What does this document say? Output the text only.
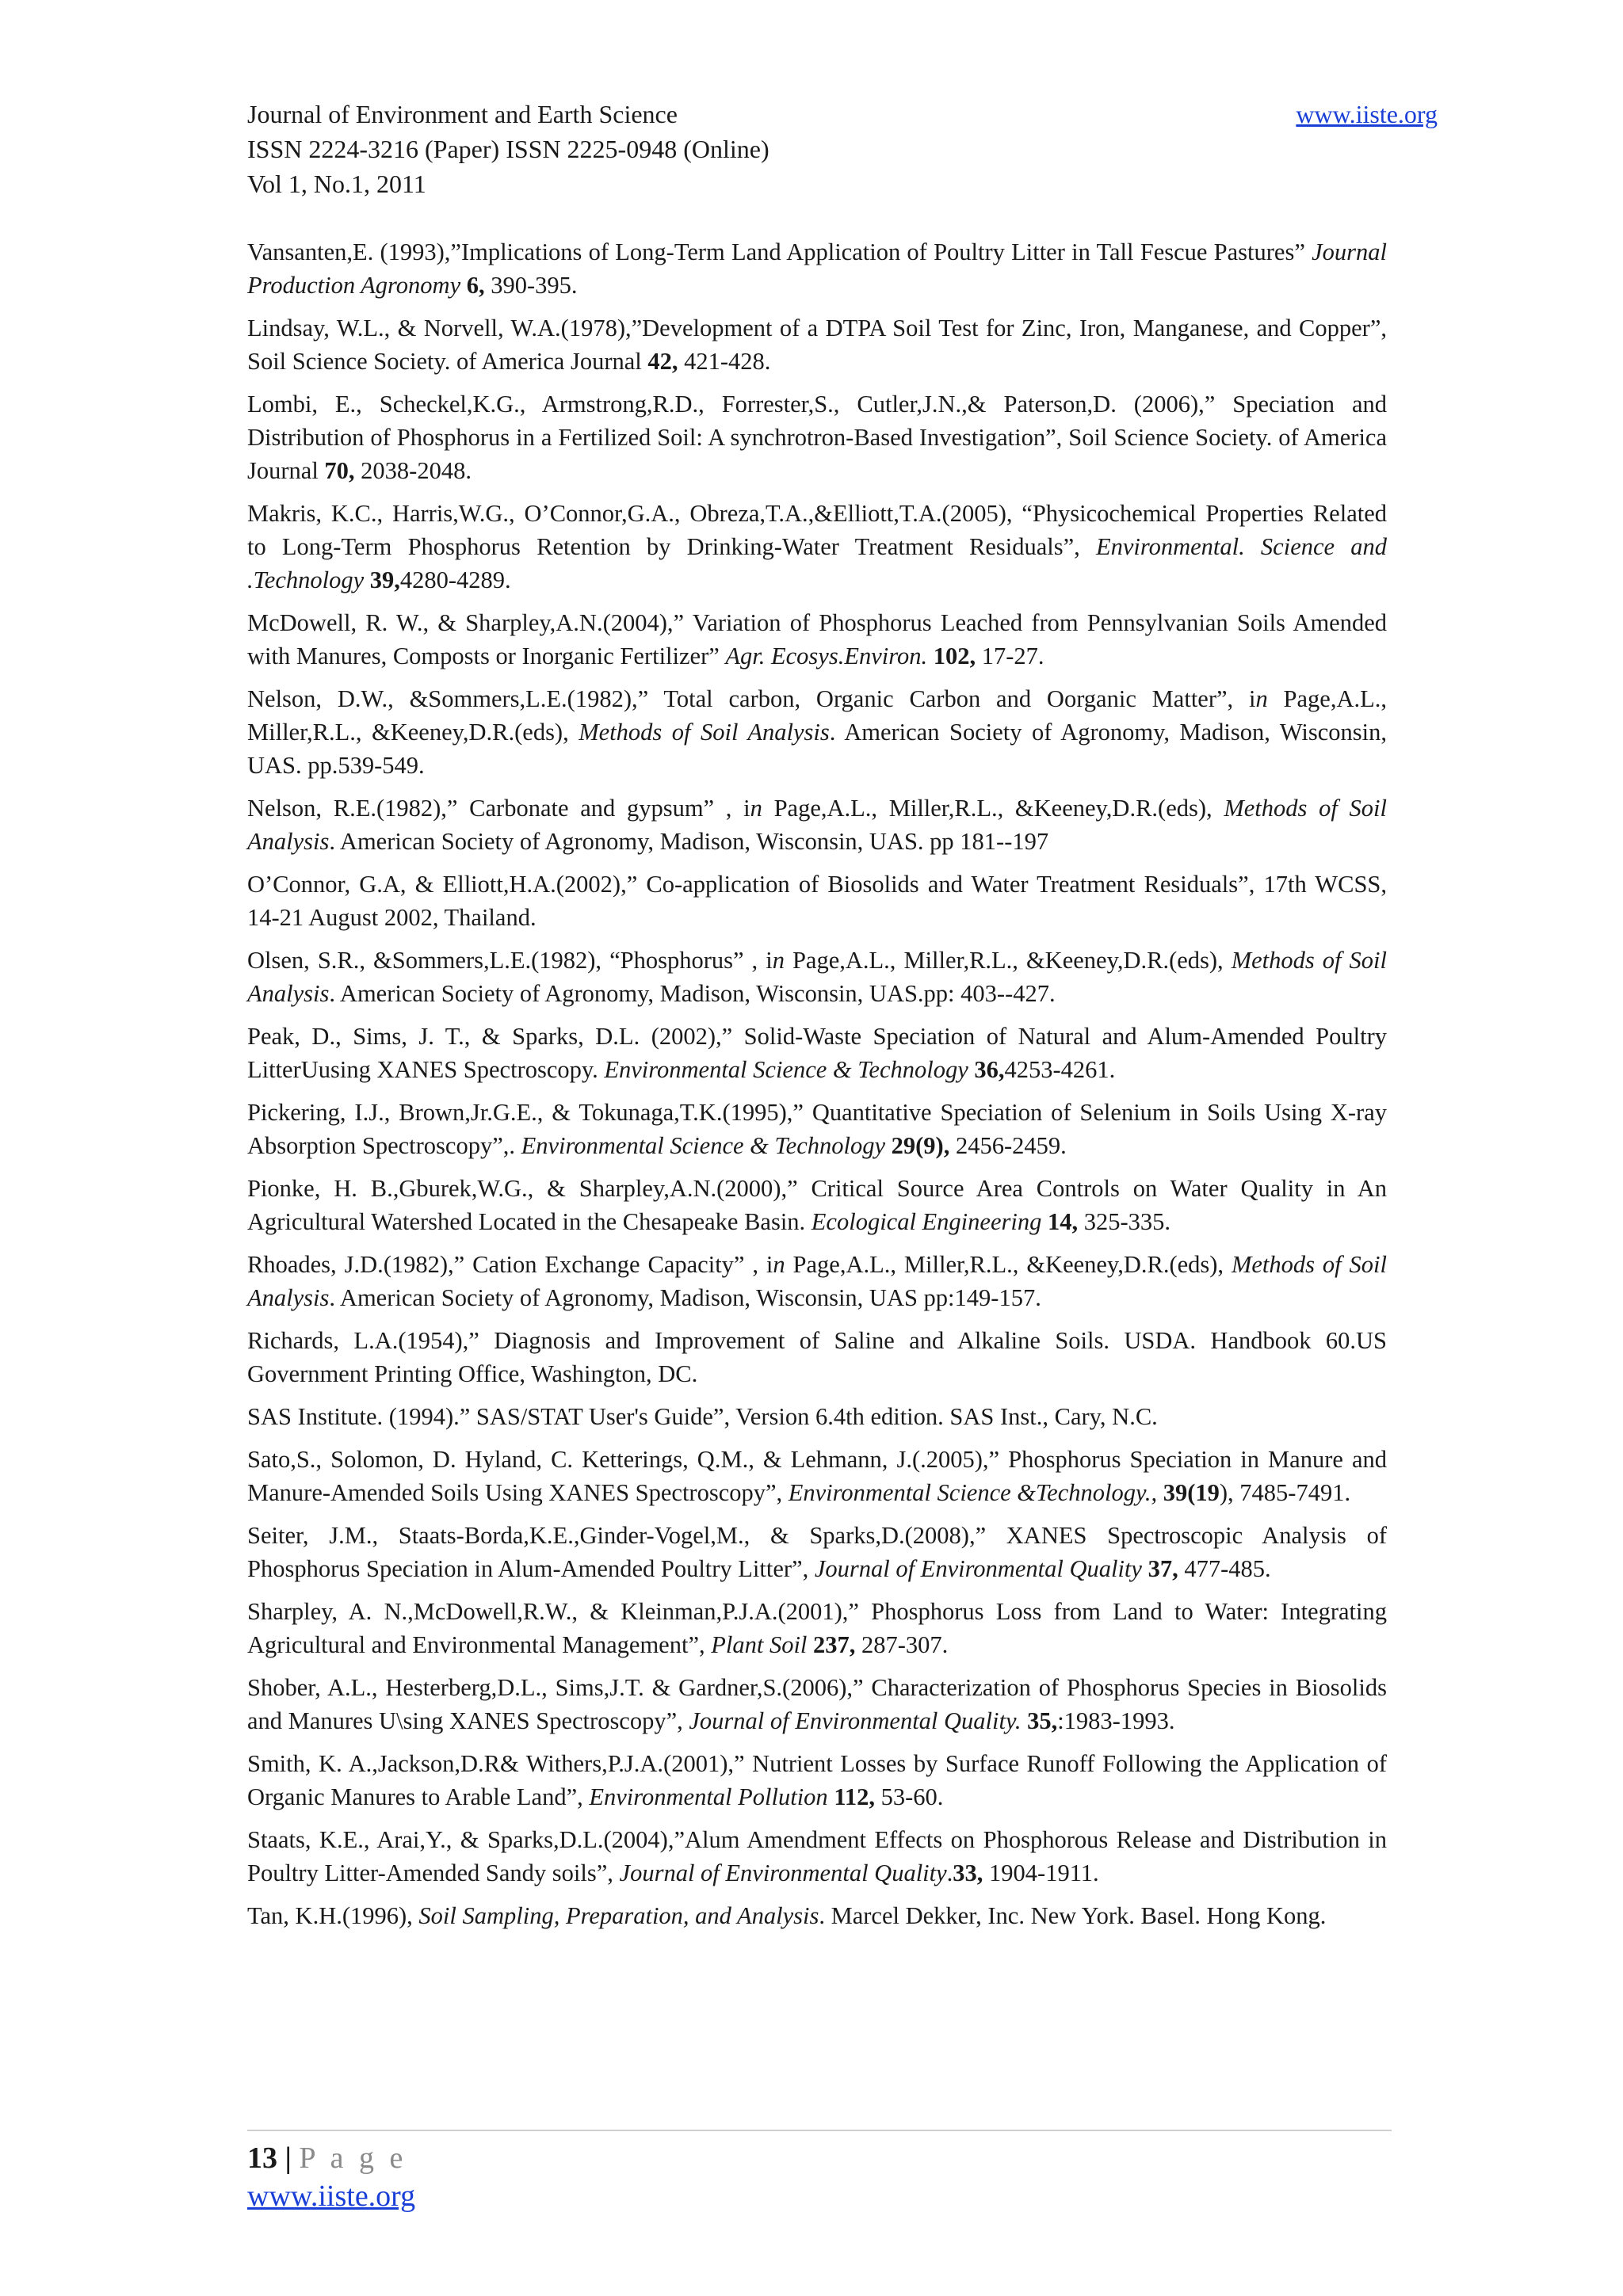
Journal of Environment and Earth Science
ISSN 2224-3216 (Paper) ISSN 2225-0948 (Online)
Vol 1, No.1, 2011
www.iiste.org

Vansanten,E. (1993),”Implications of Long-Term Land Application of Poultry Litter in Tall Fescue Pastures” Journal Production Agronomy 6, 390-395.

Lindsay, W.L., & Norvell, W.A.(1978),”Development of a DTPA Soil Test for Zinc, Iron, Manganese, and Copper”, Soil Science Society. of America Journal 42, 421-428.

Lombi, E., Scheckel,K.G., Armstrong,R.D., Forrester,S., Cutler,J.N.,& Paterson,D. (2006),” Speciation and Distribution of Phosphorus in a Fertilized Soil: A synchrotron-Based Investigation”, Soil Science Society. of America Journal 70, 2038-2048.

Makris, K.C., Harris,W.G., O’Connor,G.A., Obreza,T.A.,&Elliott,T.A.(2005), “Physicochemical Properties Related to Long-Term Phosphorus Retention by Drinking-Water Treatment Residuals”, Environmental. Science and .Technology 39,4280-4289.

McDowell, R. W., & Sharpley,A.N.(2004),” Variation of Phosphorus Leached from Pennsylvanian Soils Amended with Manures, Composts or Inorganic Fertilizer” Agr. Ecosys.Environ. 102, 17-27.

Nelson, D.W., &Sommers,L.E.(1982),” Total carbon, Organic Carbon and Oorganic Matter”, in Page,A.L., Miller,R.L., &Keeney,D.R.(eds), Methods of Soil Analysis. American Society of Agronomy, Madison, Wisconsin, UAS. pp.539-549.

Nelson, R.E.(1982),” Carbonate and gypsum” , in Page,A.L., Miller,R.L., &Keeney,D.R.(eds), Methods of Soil Analysis. American Society of Agronomy, Madison, Wisconsin, UAS. pp 181--197

O’Connor, G.A, & Elliott,H.A.(2002),” Co-application of Biosolids and Water Treatment Residuals”, 17th WCSS, 14-21 August 2002, Thailand.

Olsen, S.R., &Sommers,L.E.(1982), “Phosphorus” , in Page,A.L., Miller,R.L., &Keeney,D.R.(eds), Methods of Soil Analysis. American Society of Agronomy, Madison, Wisconsin, UAS.pp: 403--427.

Peak, D., Sims, J. T., & Sparks, D.L. (2002),” Solid-Waste Speciation of Natural and Alum-Amended Poultry LitterUusing XANES Spectroscopy. Environmental Science & Technology 36,4253-4261.

Pickering, I.J., Brown,Jr.G.E., & Tokunaga,T.K.(1995),” Quantitative Speciation of Selenium in Soils Using X-ray Absorption Spectroscopy”,. Environmental Science & Technology 29(9), 2456-2459.

Pionke, H. B.,Gburek,W.G., & Sharpley,A.N.(2000),” Critical Source Area Controls on Water Quality in An Agricultural Watershed Located in the Chesapeake Basin. Ecological Engineering 14, 325-335.

Rhoades, J.D.(1982),” Cation Exchange Capacity” , in Page,A.L., Miller,R.L., &Keeney,D.R.(eds), Methods of Soil Analysis. American Society of Agronomy, Madison, Wisconsin, UAS pp:149-157.

Richards, L.A.(1954),” Diagnosis and Improvement of Saline and Alkaline Soils. USDA. Handbook 60.US Government Printing Office, Washington, DC.

SAS Institute. (1994).” SAS/STAT User's Guide”, Version 6.4th edition. SAS Inst., Cary, N.C.

Sato,S., Solomon, D. Hyland, C. Ketterings, Q.M., & Lehmann, J.(.2005),” Phosphorus Speciation in Manure and Manure-Amended Soils Using XANES Spectroscopy”, Environmental Science &Technology., 39(19), 7485-7491.

Seiter, J.M., Staats-Borda,K.E.,Ginder-Vogel,M., & Sparks,D.(2008),” XANES Spectroscopic Analysis of Phosphorus Speciation in Alum-Amended Poultry Litter”, Journal of Environmental Quality 37, 477-485.

Sharpley, A. N.,McDowell,R.W., & Kleinman,P.J.A.(2001),” Phosphorus Loss from Land to Water: Integrating Agricultural and Environmental Management”, Plant Soil 237, 287-307.

Shober, A.L., Hesterberg,D.L., Sims,J.T. & Gardner,S.(2006),” Characterization of Phosphorus Species in Biosolids and Manures U\sing XANES Spectroscopy”, Journal of Environmental Quality. 35,:1983-1993.

Smith, K. A.,Jackson,D.R& Withers,P.J.A.(2001),” Nutrient Losses by Surface Runoff Following the Application of Organic Manures to Arable Land”, Environmental Pollution 112, 53-60.

Staats, K.E., Arai,Y., & Sparks,D.L.(2004),”Alum Amendment Effects on Phosphorous Release and Distribution in Poultry Litter-Amended Sandy soils”, Journal of Environmental Quality.33, 1904-1911.

Tan, K.H.(1996), Soil Sampling, Preparation, and Analysis. Marcel Dekker, Inc. New York. Basel. Hong Kong.

13 | P a g e
www.iiste.org
